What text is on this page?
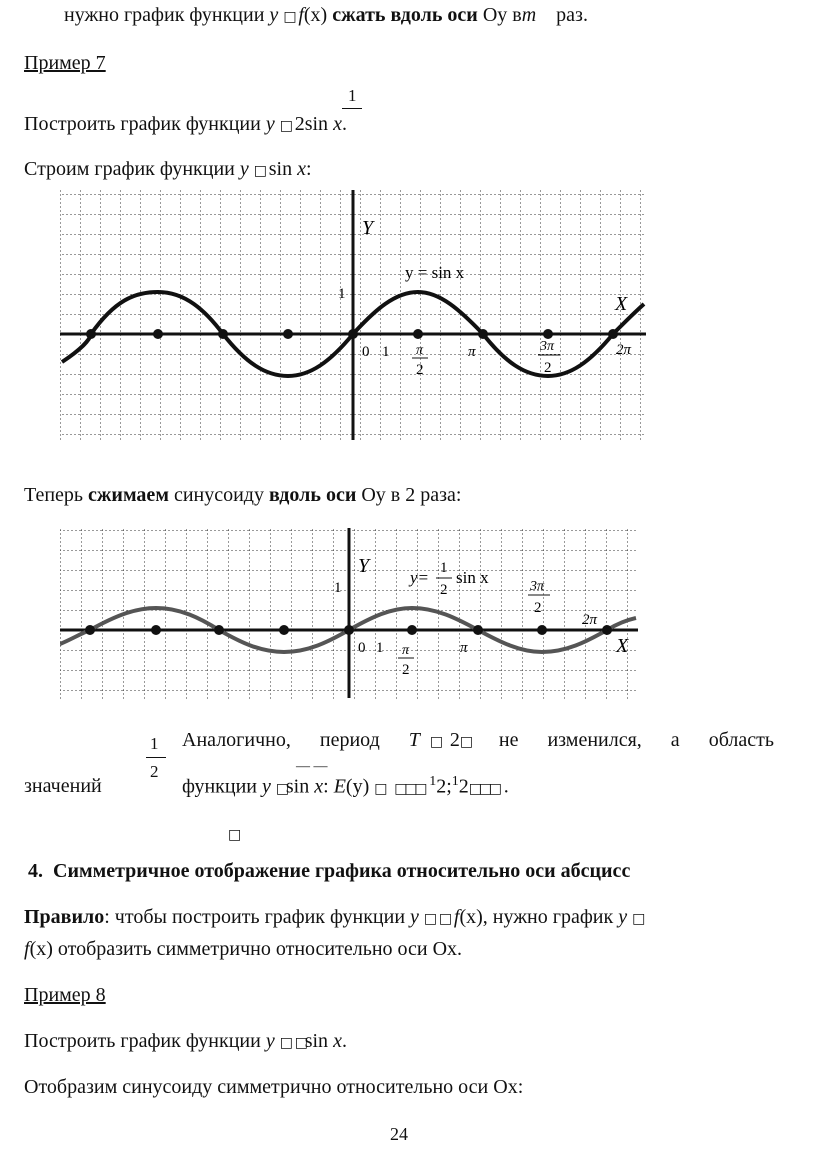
нужно график функции y □ f(x) сжать вдоль оси Оу вm раз.
Пример 7
1
Построить график функции y □ 2sin x.
Строим график функции y □ sin x:
Y
X
y = sin x
1
0 1 π
2
π	3π
2
2π
Теперь сжимаем синусоиду вдоль оси Оу в 2 раза:
Y
X
y= 1
2
sin x
1
0 1 π
2
π
3π
2
2π
1
2
Аналогично, период T □ 2□ не изменился, а область
значений
— —
функции y □sin x: E(y) □ □□□ $^1$2;$^1$2□□□ .
□
4. Симметричное отображение графика относительно оси абсцисс
Правило: чтобы построить график функции y □ □ f(x), нужно график y □
f(x) отобразить симметрично относительно оси Ox.
Пример 8
Построить график функции y □ □sin x.
Отобразим синусоиду симметрично относительно оси Ox:
24
